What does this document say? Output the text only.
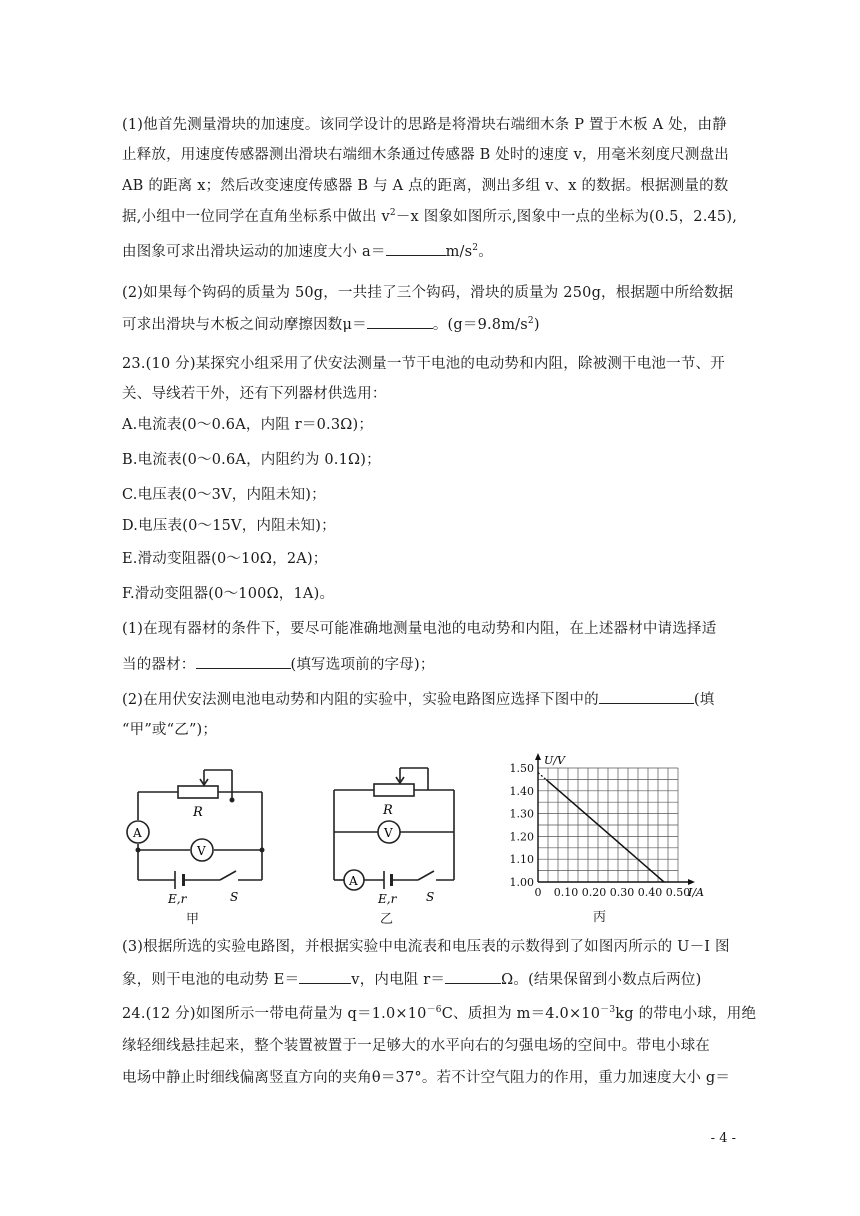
(1)他首先测量滑块的加速度。该同学设计的思路是将滑块右端细木条 P 置于木板 A 处，由静
止释放，用速度传感器测出滑块右端细木条通过传感器 B 处时的速度 v，用毫米刻度尺测盘出
AB 的距离 x；然后改变速度传感器 B 与 A 点的距离，测出多组 v、x 的数据。根据测量的数
据,小组中一位同学在直角坐标系中做出 $v^2-x$ 图象如图所示,图象中一点的坐标为(0.5，2.45),
由图象可求出滑块运动的加速度大小 a＝	$m/s^2$。
(2)如果每个钩码的质量为 50g，一共挂了三个钩码，滑块的质量为 250g，根据题中所给数据
可求出滑块与木板之间动摩擦因数μ＝	。$(g=9.8m/s^2)$
23.(10 分)某探究小组采用了伏安法测量一节干电池的电动势和内阻，除被测干电池一节、开
关、导线若干外，还有下列器材供选用：
A.电流表(0～0.6A，内阻 r＝0.3Ω)；
B.电流表(0～0.6A，内阻约为 0.1Ω)；
C.电压表(0～3V，内阻未知)；
D.电压表(0～15V，内阻未知)；
E.滑动变阻器(0～10Ω，2A)；
F.滑动变阻器(0～100Ω，1A)。
(1)在现有器材的条件下，要尽可能准确地测量电池的电动势和内阻，在上述器材中请选择适
当的器材：	(填写选项前的字母)；
(2)在用伏安法测电池电动势和内阻的实验中，实验电路图应选择下图中的	(填
“甲”或“乙”)；
R
A
V
E,r	S
甲
R
V
A
E,r S
乙
1.50
1.40
1.30
1.20
1.10
1.00
0 0.10 0.20 0.30 0.40 0.50
U/V
I/A
丙
(3)根据所选的实验电路图，并根据实验中电流表和电压表的示数得到了如图丙所示的 U－I 图
象，则干电池的电动势 E＝	v，内电阻 r＝	Ω。(结果保留到小数点后两位)
24.(12 分)如图所示一带电荷量为 $q=1.0\times 10^{-6}C$、质担为 $m=4.0\times 10^{-3}kg$ 的带电小球，用绝
缘轻细线悬挂起来，整个装置被置于一足够大的水平向右的匀强电场的空间中。带电小球在
电场中静止时细线偏离竖直方向的夹角θ＝37°。若不计空气阻力的作用，重力加速度大小 g＝
- 4 -
